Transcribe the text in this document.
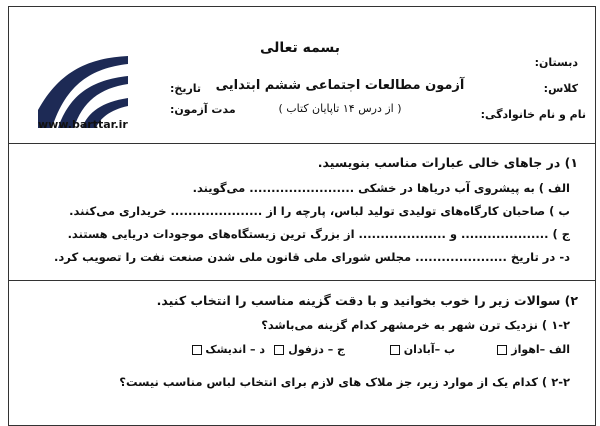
بسمه تعالی
آزمون مطالعات اجتماعی ششم ابتدایی
( از درس ۱۴ تاپایان کتاب )
دبستان:
کلاس:
نام و نام خانوادگی:
تاریخ:
مدت آزمون:
www.barttar.ir
۱) در جاهای خالی عبارات مناسب بنویسید.
الف ) به پیشروی آب دریاها در خشکی ........................ می‌گویند.
ب ) صاحبان کارگاه‌های تولیدی تولید لباس، پارچه را از ..................... خریداری می‌کنند.
ج ) .................... و .................... از بزرگ ترین زیستگاه‌های موجودات دریایی هستند.
د- در تاریخ ..................... مجلس شورای ملی قانون ملی شدن صنعت نفت را تصویب کرد.
۲) سوالات زیر را خوب بخوانید و با دقت گزینه مناسب را انتخاب کنید.
۱-۲ ) نزدیک ترن شهر به خرمشهر کدام گزینه می‌باشد؟
الف –اهواز
ب –آبادان
ج – دزفول
د – اندیشک
۲-۲ ) کدام یک از موارد زیر، جز ملاک های لازم برای انتخاب لباس مناسب نیست؟
